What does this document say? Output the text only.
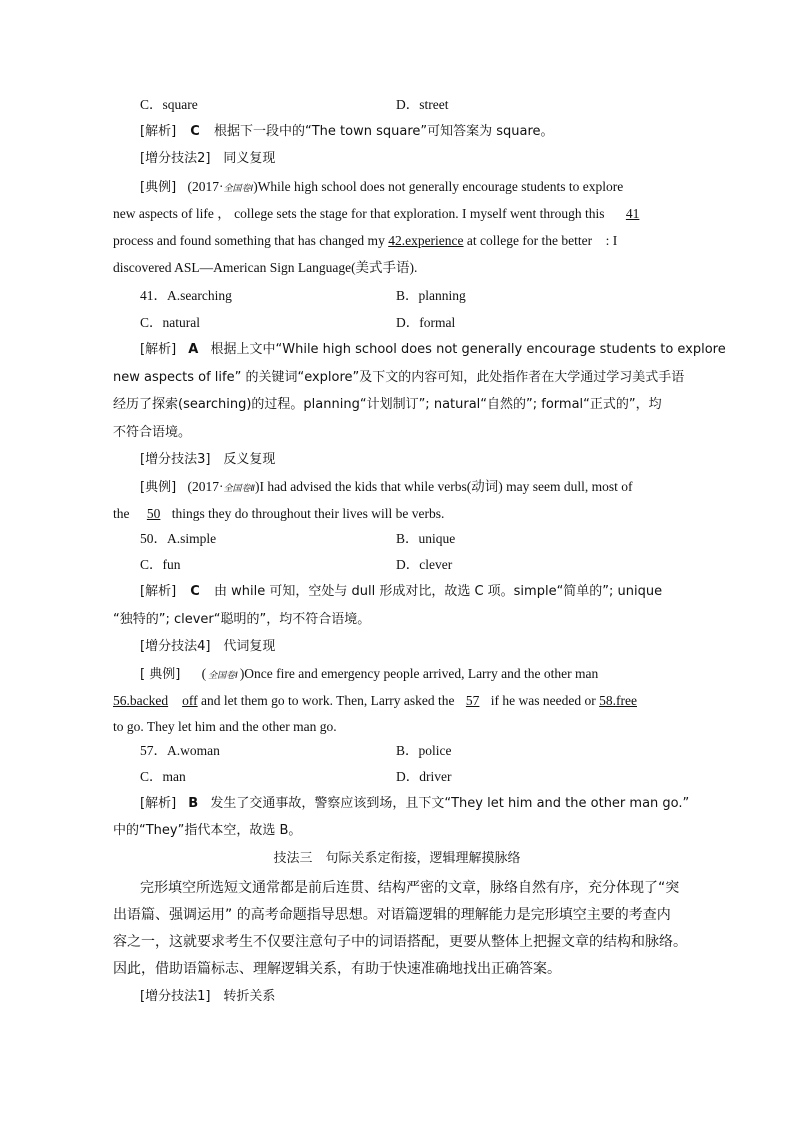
C．square	D．street
[解析] C 根据下一段中的“The town square”可知答案为 square。
[增分技法2]　同义复现
[典例] (2017·全国卷Ⅰ)While high school does not generally encourage students to explore
new aspects of life ， college sets the stage for that exploration. I myself went through this 41
process and found something that has changed my 42.experience at college for the better　: I
discovered ASL—American Sign Language(美式手语).
41．A.searching	B．planning
C．natural	D．formal
[解析] A 根据上文中“While high school does not generally encourage students to explore
new aspects of life” 的关键词“explore”及下文的内容可知，此处指作者在大学通过学习美式手语
经历了探索(searching)的过程。planning“计划制订”; natural“自然的”; formal“正式的”，均
不符合语境。
[增分技法3]　反义复现
[典例] (2017·全国卷Ⅱ)I had advised the kids that while verbs(动词) may seem dull, most of
the 50 things they do throughout their lives will be verbs.
50．A.simple	B．unique
C．fun	D．clever
[解析] C 由 while 可知，空处与 dull 形成对比，故选 C 项。simple“简单的”; unique
“独特的”; clever“聪明的”，均不符合语境。
[增分技法4]　代词复现
[ 典例] ( 全国卷Ⅰ )Once fire and emergency people arrived, Larry and the other man
56.backed off and let them go to work. Then, Larry asked the 57 if he was needed or 58.free
to go. They let him and the other man go.
57．A.woman	B．police
C．man	D．driver
[解析] B 发生了交通事故，警察应该到场，且下文“They let him and the other man go.”
中的“They”指代本空，故选 B。
技法三　句际关系定衔接，逻辑理解摸脉络
完形填空所选短文通常都是前后连贯、结构严密的文章，脉络自然有序，充分体现了“突
出语篇、强调运用” 的高考命题指导思想。对语篇逻辑的理解能力是完形填空主要的考查内
容之一，这就要求考生不仅要注意句子中的词语搭配，更要从整体上把握文章的结构和脉络。
因此，借助语篇标志、理解逻辑关系，有助于快速准确地找出正确答案。
[增分技法1]　转折关系
